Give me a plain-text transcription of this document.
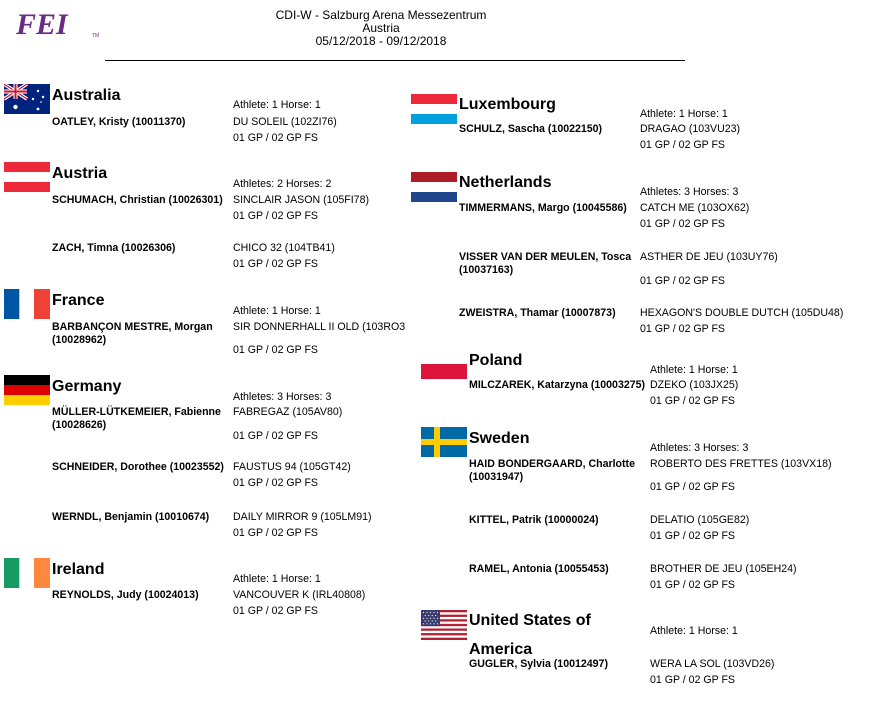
FEI	TM
CDI-W - Salzburg Arena Messezentrum
Austria
05/12/2018 - 09/12/2018
Australia
Athlete: 1 Horse: 1
OATLEY, Kristy (10011370)	DU SOLEIL (102ZI76)
01 GP / 02 GP FS
Austria
Athletes: 2 Horses: 2
SCHUMACH, Christian (10026301) SINCLAIR JASON (105FI78)
01 GP / 02 GP FS
ZACH, Timna (10026306)	CHICO 32 (104TB41)
01 GP / 02 GP FS
France
Athlete: 1 Horse: 1
BARBANÇON MESTRE, Morgan (10028962)
SIR DONNERHALL II OLD (103RO3
01 GP / 02 GP FS
Germany
Athletes: 3 Horses: 3
MÜLLER-LÜTKEMEIER, Fabienne (10028626)
FABREGAZ (105AV80)
01 GP / 02 GP FS
SCHNEIDER, Dorothee (10023552) FAUSTUS 94 (105GT42)
01 GP / 02 GP FS
WERNDL, Benjamin (10010674) DAILY MIRROR 9 (105LM91)
01 GP / 02 GP FS
Ireland
Athlete: 1 Horse: 1
REYNOLDS, Judy (10024013)	VANCOUVER K (IRL40808)
01 GP / 02 GP FS
Luxembourg
Athlete: 1 Horse: 1
SCHULZ, Sascha (10022150)	DRAGAO (103VU23)
01 GP / 02 GP FS
Netherlands
Athletes: 3 Horses: 3
TIMMERMANS, Margo (10045586) CATCH ME (103OX62)
01 GP / 02 GP FS
VISSER VAN DER MEULEN, Tosca (10037163)
ASTHER DE JEU (103UY76)
01 GP / 02 GP FS
ZWEISTRA, Thamar (10007873) HEXAGON'S DOUBLE DUTCH (105DU48)
01 GP / 02 GP FS
Poland
Athlete: 1 Horse: 1
MILCZAREK, Katarzyna (10003275) DZEKO (103JX25)
01 GP / 02 GP FS
Sweden
Athletes: 3 Horses: 3
HAID BONDERGAARD, Charlotte (10031947)
ROBERTO DES FRETTES (103VX18)
01 GP / 02 GP FS
KITTEL, Patrik (10000024)	DELATIO (105GE82)
01 GP / 02 GP FS
RAMEL, Antonia (10055453)	BROTHER DE JEU (105EH24)
01 GP / 02 GP FS
United States of
America
Athlete: 1 Horse: 1
GUGLER, Sylvia (10012497)	WERA LA SOL (103VD26)
01 GP / 02 GP FS
